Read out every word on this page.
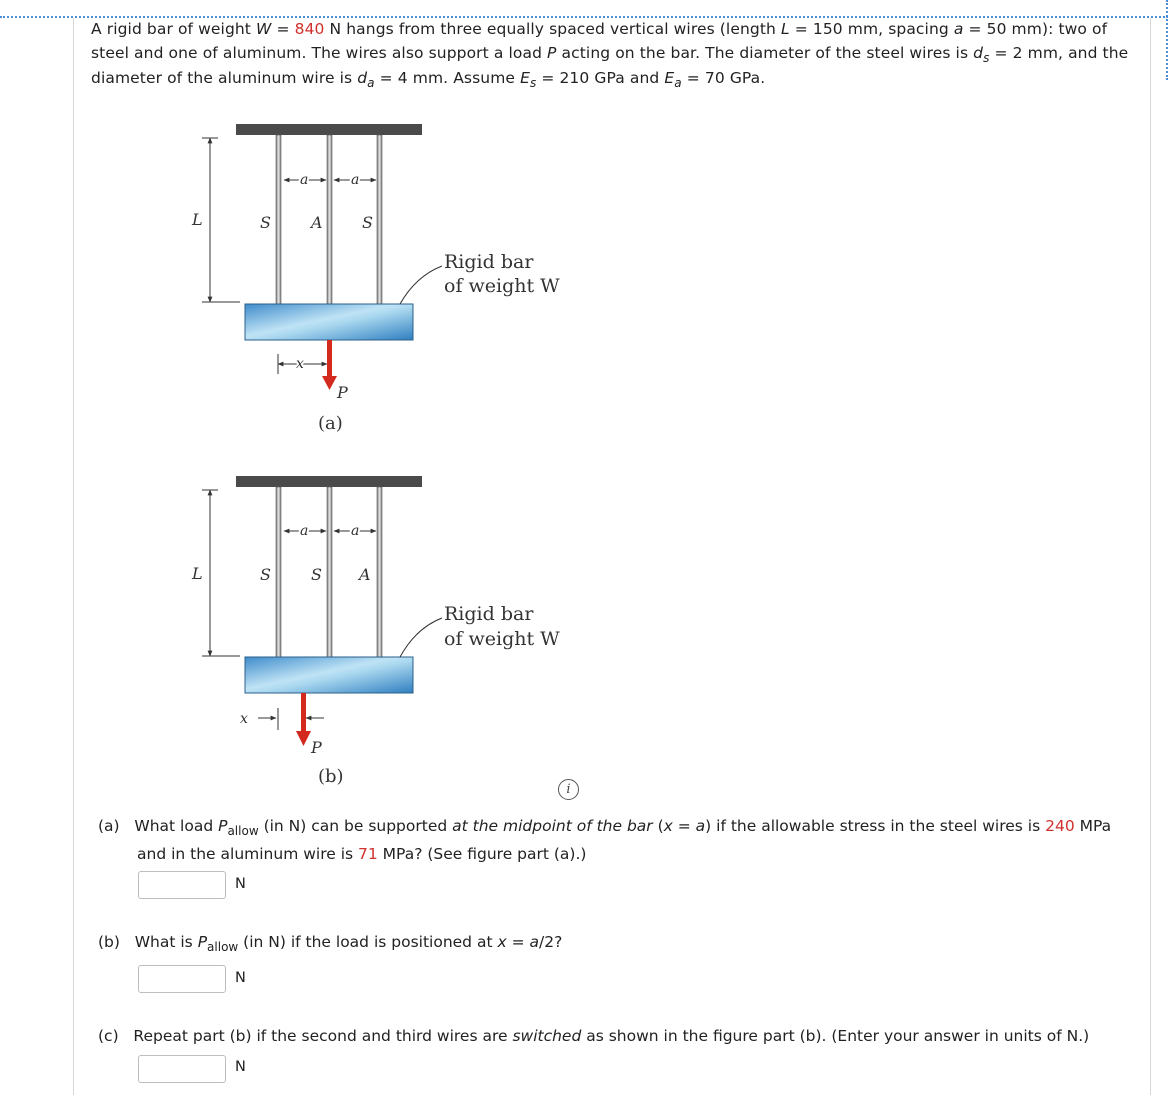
A rigid bar of weight W = 840 N hangs from three equally spaced vertical wires (length L = 150 mm, spacing a = 50 mm): two of
steel and one of aluminum. The wires also support a load P acting on the bar. The diameter of the steel wires is $d_s = 2$ mm, and the
diameter of the aluminum wire is $d_a = 4$ mm. Assume $E_s = 210$ GPa and $E_a = 70$ GPa.
L
a	a
S	A S
Rigid bar
of weight W
x
P
(a)
L
a	a
S	S A
Rigid bar
of weight W
x
P
(b)
i
(a) What load $P_{allow}$ (in N) can be supported at the midpoint of the bar (x = a) if the allowable stress in the steel wires is 240 MPa
and in the aluminum wire is 71 MPa? (See figure part (a).)
N
(b) What is $P_{allow}$ (in N) if the load is positioned at x = a/2?
N
(c) Repeat part (b) if the second and third wires are switched as shown in the figure part (b). (Enter your answer in units of N.)
N
